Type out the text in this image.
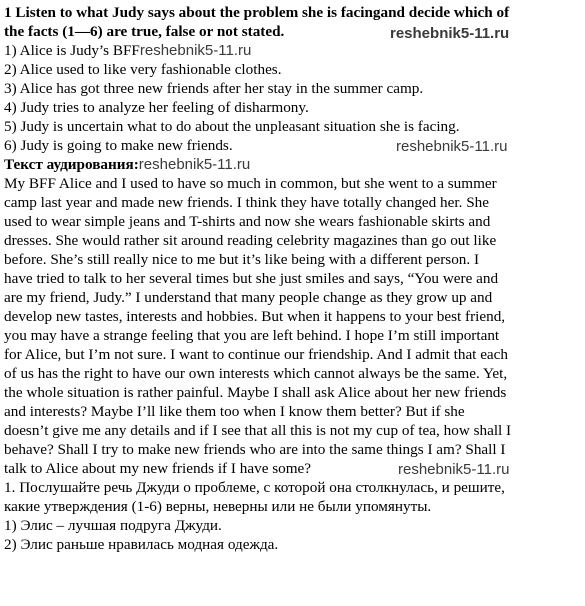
1 Listen to what Judy says about the problem she is facingand decide which of
the facts (1—6) are true, false or not stated.	reshebnik5-11.ru
1) Alice is Judy’s BFFreshebnik5-11.ru
2) Alice used to like very fashionable clothes.
3) Alice has got three new friends after her stay in the summer camp.
4) Judy tries to analyze her feeling of disharmony.
5) Judy is uncertain what to do about the unpleasant situation she is facing.
6) Judy is going to make new friends.	reshebnik5-11.ru
Текст аудирования:reshebnik5-11.ru
My BFF Alice and I used to have so much in common, but she went to a summer
camp last year and made new friends. I think they have totally changed her. She
used to wear simple jeans and T-shirts and now she wears fashionable skirts and
dresses. She would rather sit around reading celebrity magazines than go out like
before. She’s still really nice to me but it’s like being with a different person. I
have tried to talk to her several times but she just smiles and says, “You were and
are my friend, Judy.” I understand that many people change as they grow up and
develop new tastes, interests and hobbies. But when it happens to your best friend,
you may have a strange feeling that you are left behind. I hope I’m still important
for Alice, but I’m not sure. I want to continue our friendship. And I admit that each
of us has the right to have our own interests which cannot always be the same. Yet,
the whole situation is rather painful. Maybe I shall ask Alice about her new friends
and interests? Maybe I’ll like them too when I know them better? But if she
doesn’t give me any details and if I see that all this is not my cup of tea, how shall I
behave? Shall I try to make new friends who are into the same things I am? Shall I
talk to Alice about my new friends if I have some?	reshebnik5-11.ru
1. Послушайте речь Джуди о проблеме, с которой она столкнулась, и решите,
какие утверждения (1-6) верны, неверны или не были упомянуты.
1) Элис – лучшая подруга Джуди.
2) Элис раньше нравилась модная одежда.
